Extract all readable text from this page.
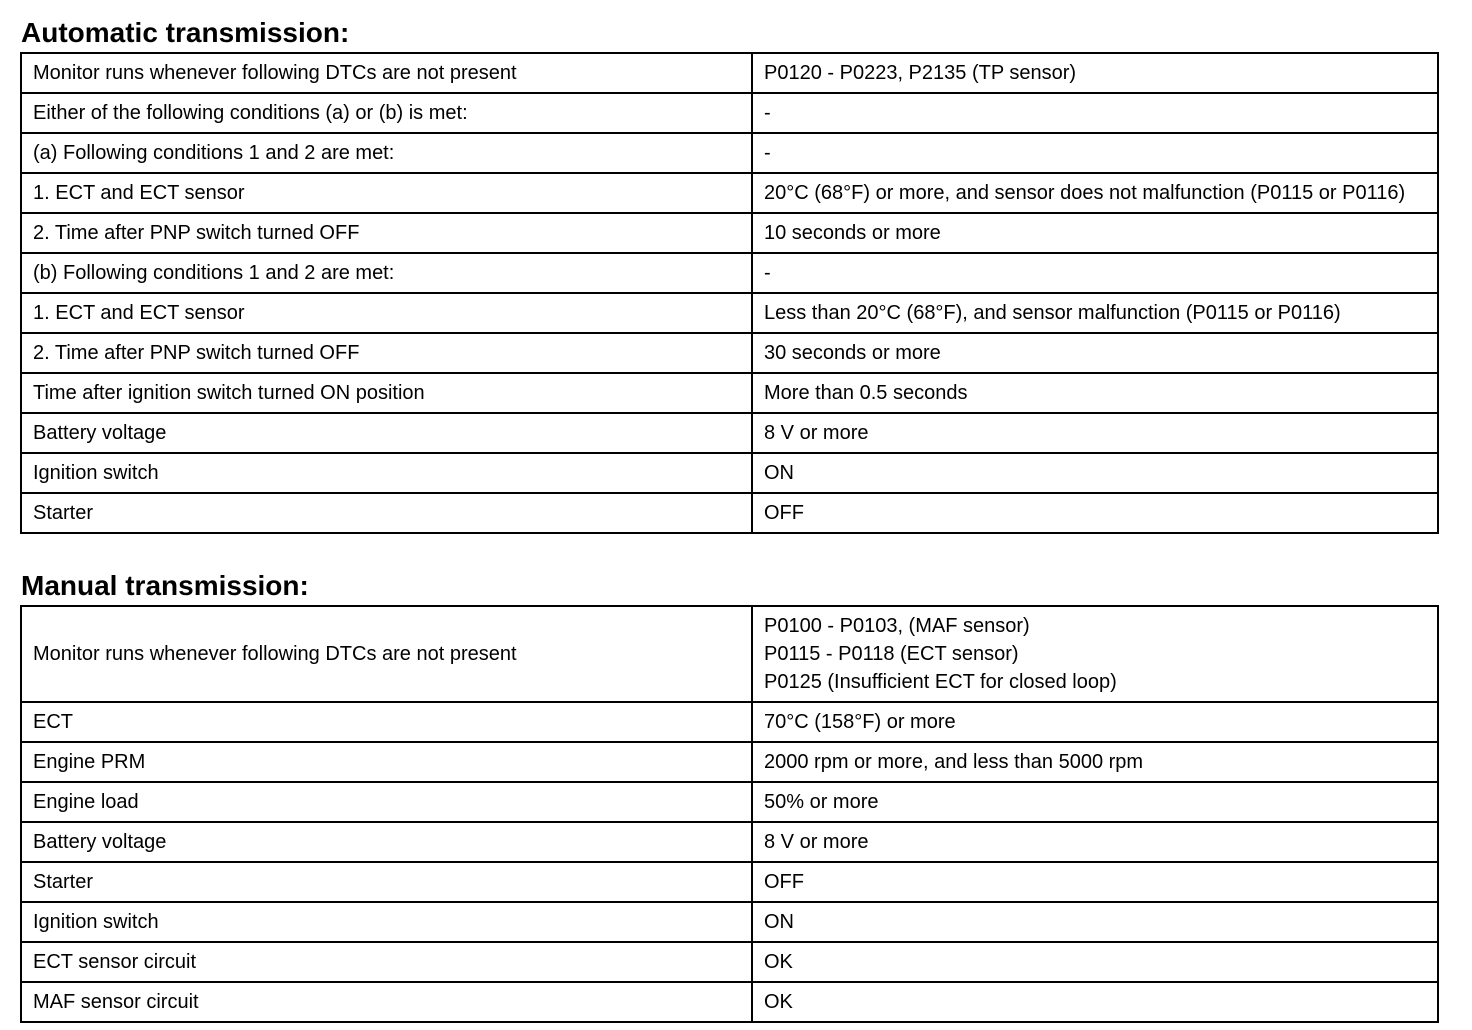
Automatic transmission:
Monitor runs whenever following DTCs are not present	P0120 - P0223, P2135 (TP sensor)

Either of the following conditions (a) or (b) is met:	-

(a) Following conditions 1 and 2 are met:	-

1. ECT and ECT sensor	20°C (68°F) or more, and sensor does not malfunction (P0115 or P0116)

2. Time after PNP switch turned OFF	10 seconds or more

(b) Following conditions 1 and 2 are met:	-

1. ECT and ECT sensor	Less than 20°C (68°F), and sensor malfunction (P0115 or P0116)

2. Time after PNP switch turned OFF	30 seconds or more

Time after ignition switch turned ON position	More than 0.5 seconds

Battery voltage	8 V or more

Ignition switch	ON

Starter	OFF
Manual transmission:
Monitor runs whenever following DTCs are not present	P0100 - P0103, (MAF sensor)
P0115 - P0118 (ECT sensor)
P0125 (Insufficient ECT for closed loop)

ECT	70°C (158°F) or more

Engine PRM	2000 rpm or more, and less than 5000 rpm

Engine load	50% or more

Battery voltage	8 V or more

Starter	OFF

Ignition switch	ON

ECT sensor circuit	OK

MAF sensor circuit	OK
